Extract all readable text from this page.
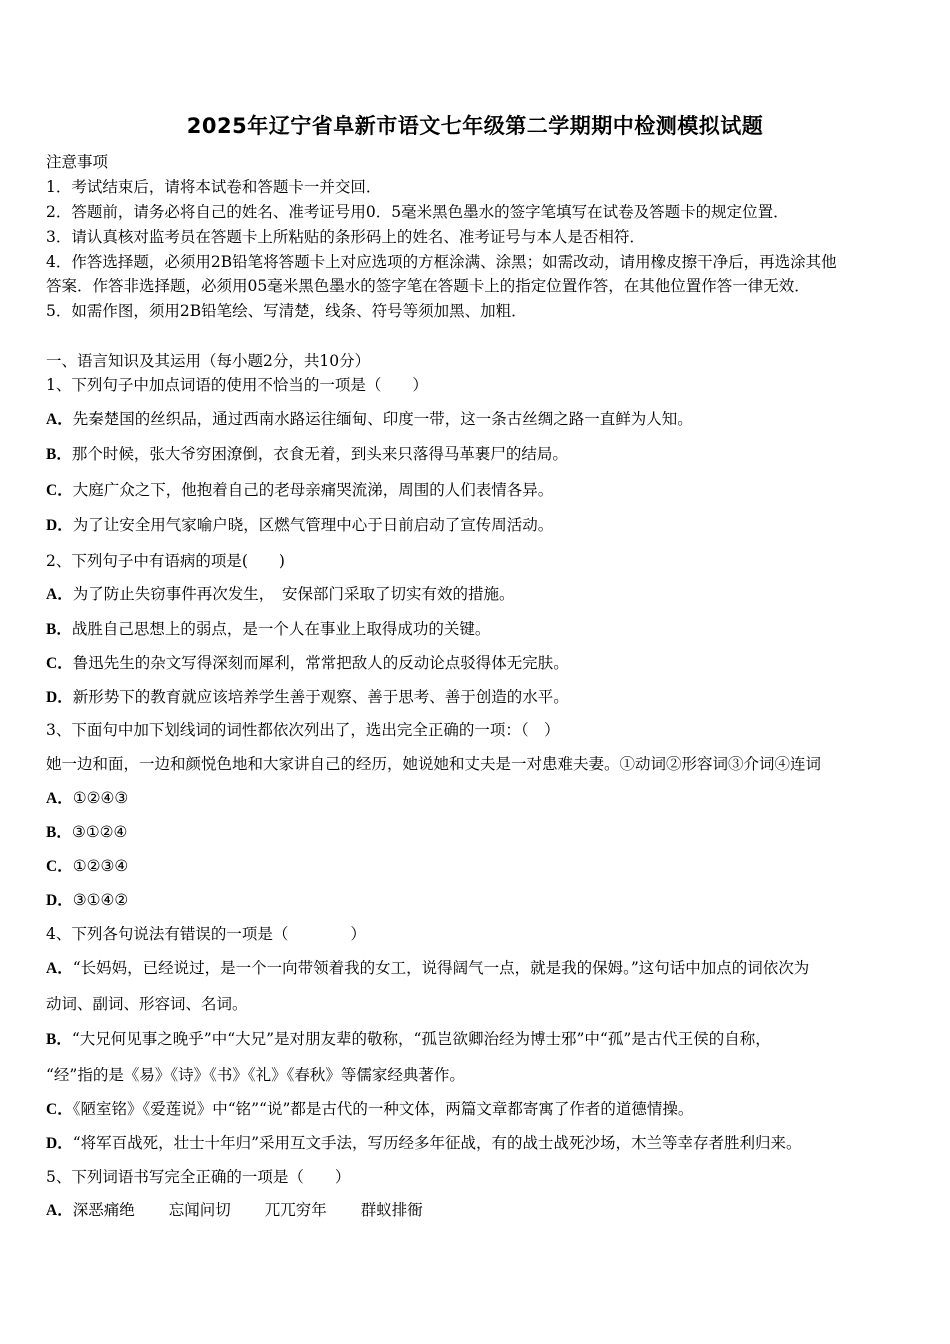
2025年辽宁省阜新市语文七年级第二学期期中检测模拟试题
注意事项
1．考试结束后，请将本试卷和答题卡一并交回．
2．答题前，请务必将自己的姓名、准考证号用0．5毫米黑色墨水的签字笔填写在试卷及答题卡的规定位置．
3．请认真核对监考员在答题卡上所粘贴的条形码上的姓名、准考证号与本人是否相符．
4．作答选择题，必须用2B铅笔将答题卡上对应选项的方框涂满、涂黑；如需改动，请用橡皮擦干净后，再选涂其他
答案．作答非选择题，必须用05毫米黑色墨水的签字笔在答题卡上的指定位置作答，在其他位置作答一律无效．
5．如需作图，须用2B铅笔绘、写清楚，线条、符号等须加黑、加粗．
一、语言知识及其运用（每小题2分，共10分）
1、下列句子中加点词语的使用不恰当的一项是（　　）
A．先秦楚国的丝织品，通过西南水路运往缅甸、印度一带，这一条古丝绸之路一直鲜为人知。
B．那个时候，张大爷穷困潦倒，衣食无着，到头来只落得马革裹尸的结局。
C．大庭广众之下，他抱着自己的老母亲痛哭流涕，周围的人们表情各异。
D．为了让安全用气家喻户晓，区燃气管理中心于日前启动了宣传周活动。
2、下列句子中有语病的项是(　　)
A．为了防止失窃事件再次发生，　安保部门采取了切实有效的措施。
B．战胜自己思想上的弱点，是一个人在事业上取得成功的关键。
C．鲁迅先生的杂文写得深刻而犀利，常常把敌人的反动论点驳得体无完肤。
D．新形势下的教育就应该培养学生善于观察、善于思考、善于创造的水平。
3、下面句中加下划线词的词性都依次列出了，选出完全正确的一项：（　）
她一边和面，一边和颜悦色地和大家讲自己的经历，她说她和丈夫是一对患难夫妻。①动词②形容词③介词④连词
A．①②④③
B．③①②④
C．①②③④
D．③①④②
4、下列各句说法有错误的一项是（　　　　）
A．“长妈妈，已经说过，是一个一向带领着我的女工，说得阔气一点，就是我的保姆。”这句话中加点的词依次为
动词、副词、形容词、名词。
B．“大兄何见事之晚乎”中“大兄”是对朋友辈的敬称，“孤岂欲卿治经为博士邪”中“孤”是古代王侯的自称，
“经”指的是《易》《诗》《书》《礼》《春秋》等儒家经典著作。
C．《陋室铭》《爱莲说》中“铭”“说”都是古代的一种文体，两篇文章都寄寓了作者的道德情操。
D．“将军百战死，壮士十年归”采用互文手法，写历经多年征战，有的战士战死沙场，木兰等幸存者胜利归来。
5、下列词语书写完全正确的一项是（　　）
A．深恶痛绝 忘闻问切 兀兀穷年 群蚁排衙
